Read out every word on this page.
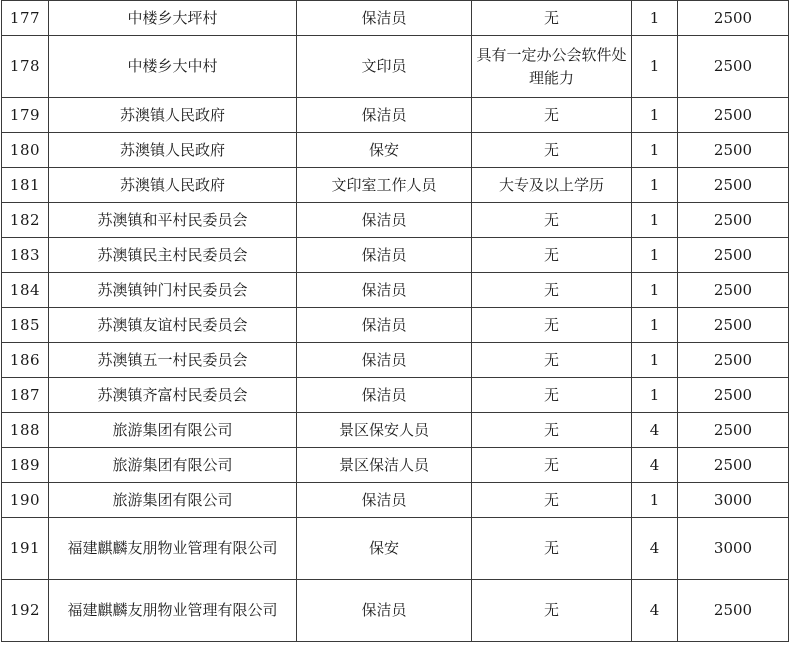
177	中楼乡大坪村	保洁员	无	1	2500
178	中楼乡大中村	文印员	具有一定办公会软件处理能力	1	2500
179	苏澳镇人民政府	保洁员	无	1	2500
180	苏澳镇人民政府	保安	无	1	2500
181	苏澳镇人民政府	文印室工作人员	大专及以上学历	1	2500
182	苏澳镇和平村民委员会	保洁员	无	1	2500
183	苏澳镇民主村民委员会	保洁员	无	1	2500
184	苏澳镇钟门村民委员会	保洁员	无	1	2500
185	苏澳镇友谊村民委员会	保洁员	无	1	2500
186	苏澳镇五一村民委员会	保洁员	无	1	2500
187	苏澳镇齐富村民委员会	保洁员	无	1	2500
188	旅游集团有限公司	景区保安人员	无	4	2500
189	旅游集团有限公司	景区保洁人员	无	4	2500
190	旅游集团有限公司	保洁员	无	1	3000
191	福建麒麟友朋物业管理有限公司	保安	无	4	3000
192	福建麒麟友朋物业管理有限公司	保洁员	无	4	2500
